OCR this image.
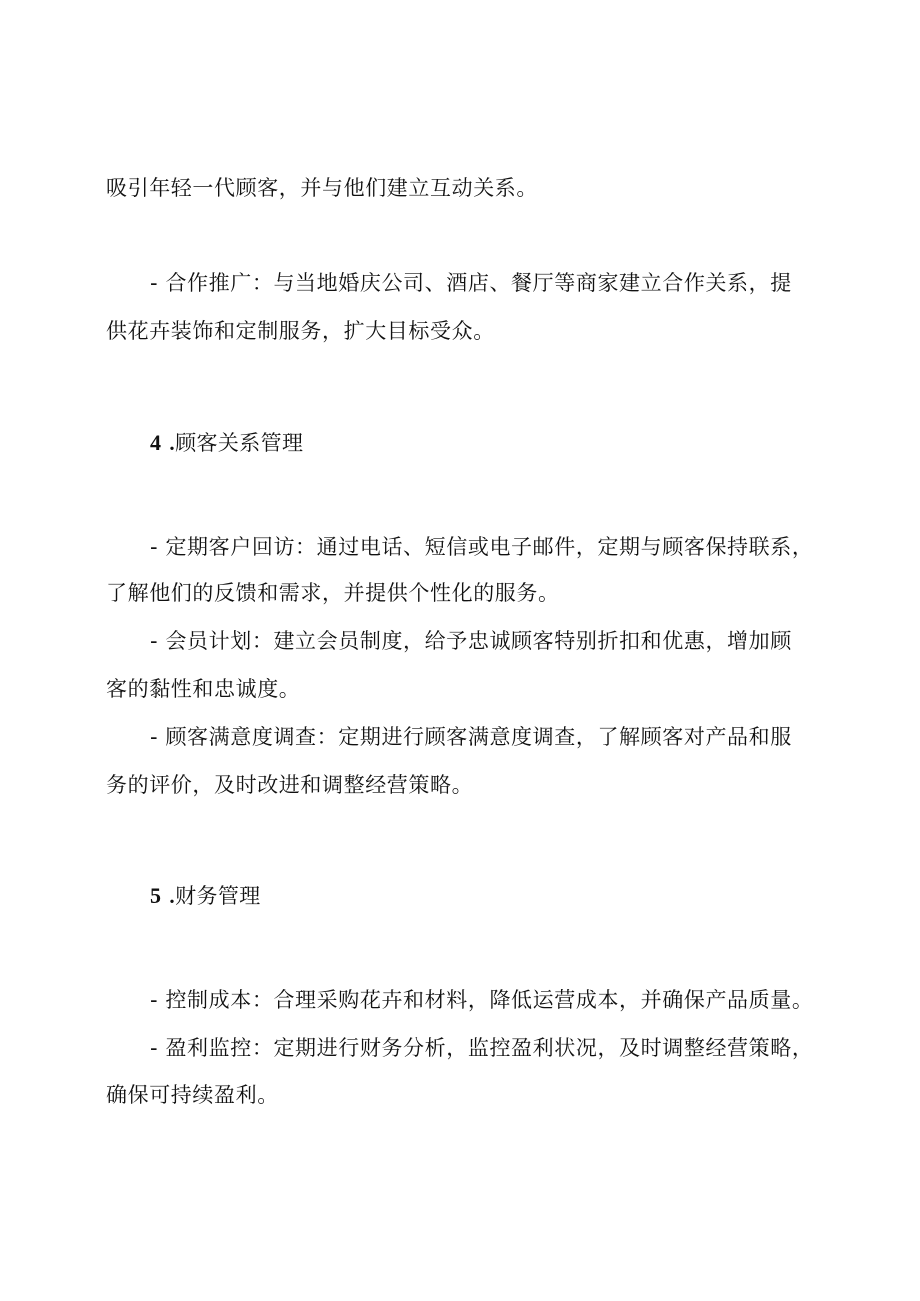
吸引年轻一代顾客，并与他们建立互动关系。

- 合作推广：与当地婚庆公司、酒店、餐厅等商家建立合作关系，提

供花卉装饰和定制服务，扩大目标受众。

4 .顾客关系管理

- 定期客户回访：通过电话、短信或电子邮件，定期与顾客保持联系，

了解他们的反馈和需求，并提供个性化的服务。

- 会员计划：建立会员制度，给予忠诚顾客特别折扣和优惠，增加顾

客的黏性和忠诚度。

- 顾客满意度调查：定期进行顾客满意度调查，了解顾客对产品和服

务的评价，及时改进和调整经营策略。

5 .财务管理

- 控制成本：合理采购花卉和材料，降低运营成本，并确保产品质量。

- 盈利监控：定期进行财务分析，监控盈利状况，及时调整经营策略，

确保可持续盈利。
